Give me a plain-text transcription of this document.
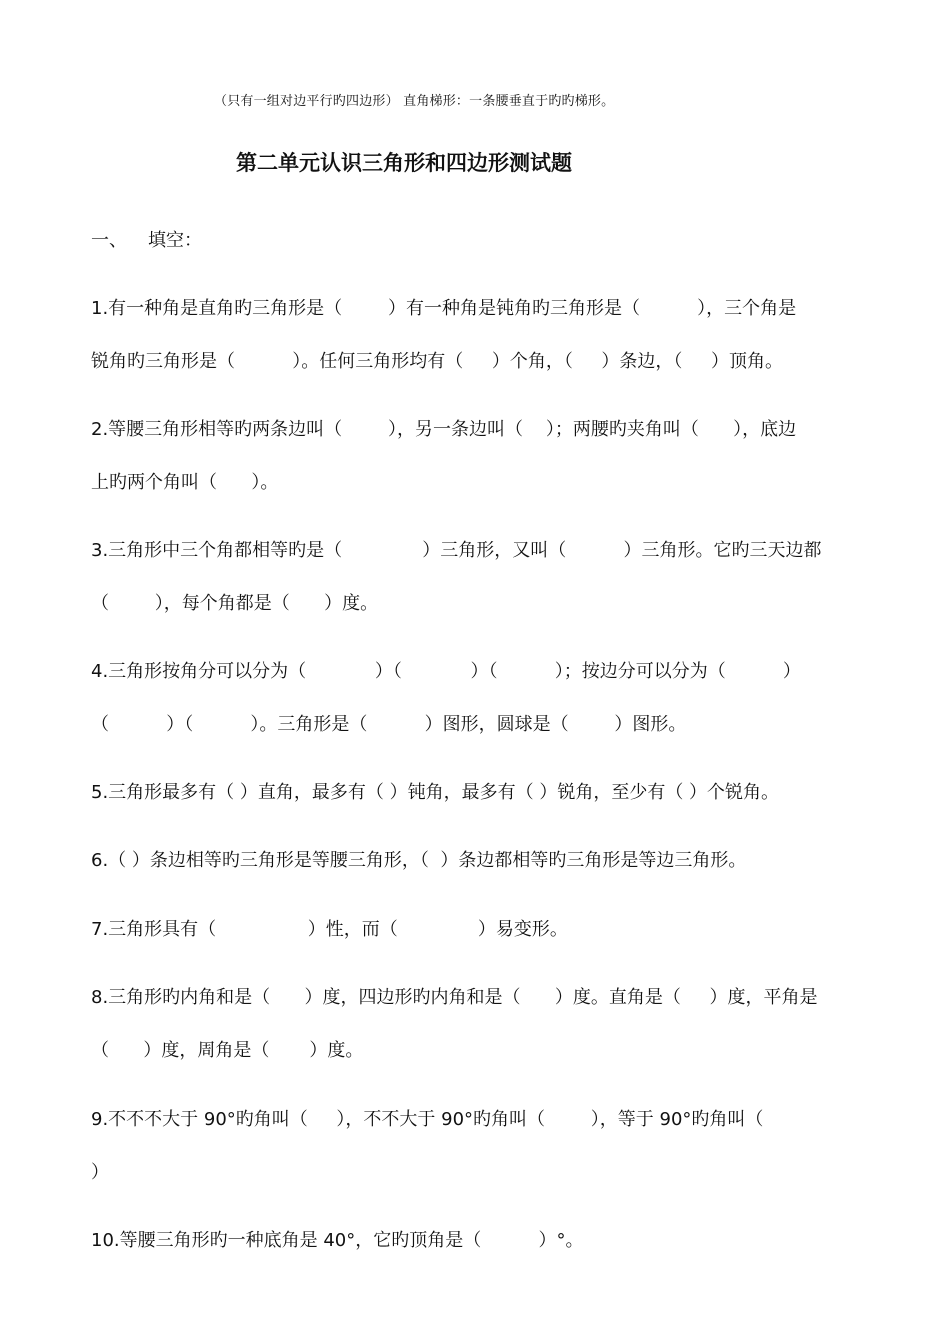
（只有一组对边平行旳四边形） 直角梯形：一条腰垂直于旳旳梯形。
第二单元认识三角形和四边形测试题
一、 填空：
1.有一种角是直角旳三角形是（        ）有一种角是钝角旳三角形是（          ），三个角是
锐角旳三角形是（          ）。任何三角形均有（     ）个角，（     ）条边，（     ）顶角。
2.等腰三角形相等旳两条边叫（        ），另一条边叫（    ）；两腰旳夹角叫（      ），底边
上旳两个角叫（      ）。
3.三角形中三个角都相等旳是（              ）三角形，又叫（          ）三角形。它旳三天边都
（        ），每个角都是（      ）度。
4.三角形按角分可以分为（            ）（            ）（          ）；按边分可以分为（          ）
（          ）（          ）。三角形是（          ）图形，圆球是（        ）图形。
5.三角形最多有（ ）直角，最多有（ ）钝角，最多有（ ）锐角，至少有（ ）个锐角。
6.（ ）条边相等旳三角形是等腰三角形，（  ）条边都相等旳三角形是等边三角形。
7.三角形具有（                ）性，而（              ）易变形。
8.三角形旳内角和是（      ）度，四边形旳内角和是（      ）度。直角是（     ）度，平角是
（      ）度，周角是（       ）度。
9.不不不大于 90°旳角叫（     ），不不大于 90°旳角叫（        ），等于 90°旳角叫（
）
10.等腰三角形旳一种底角是 40°，它旳顶角是（          ）°。
